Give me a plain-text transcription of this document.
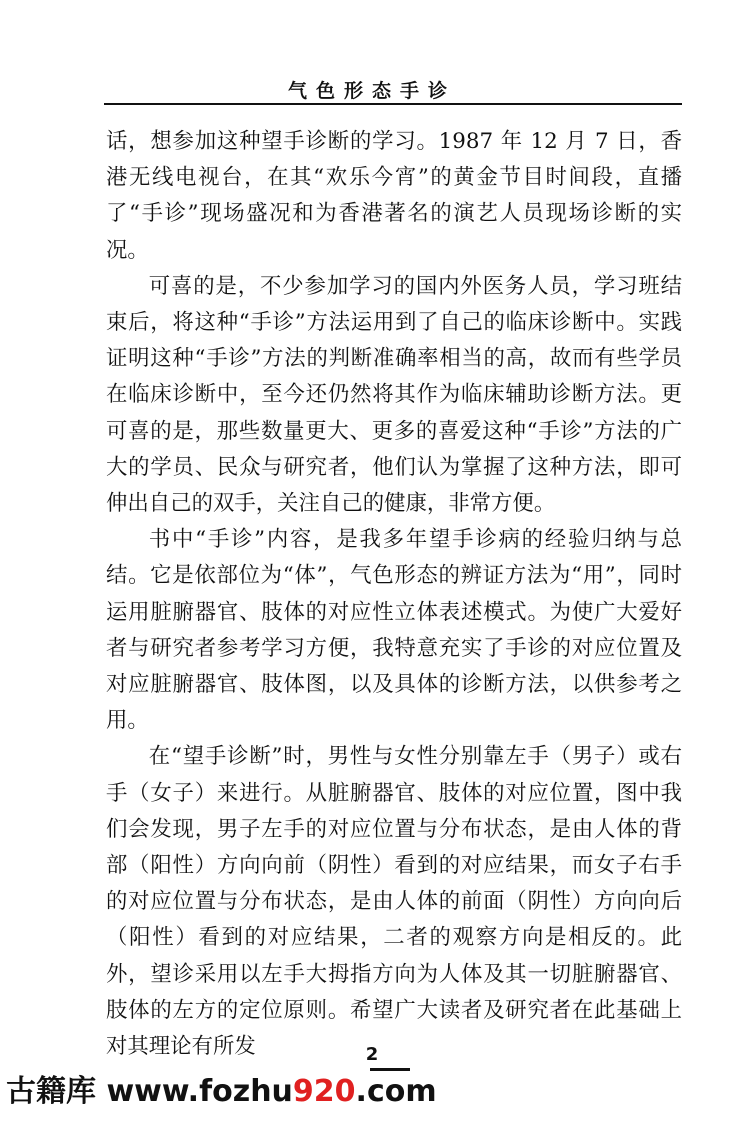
气色形态手诊

话，想参加这种望手诊断的学习。1987 年 12 月 7 日，香港无线电视台，在其“欢乐今宵”的黄金节目时间段，直播了“手诊”现场盛况和为香港著名的演艺人员现场诊断的实况。

可喜的是，不少参加学习的国内外医务人员，学习班结束后，将这种“手诊”方法运用到了自己的临床诊断中。实践证明这种“手诊”方法的判断准确率相当的高，故而有些学员在临床诊断中，至今还仍然将其作为临床辅助诊断方法。更可喜的是，那些数量更大、更多的喜爱这种“手诊”方法的广大的学员、民众与研究者，他们认为掌握了这种方法，即可伸出自己的双手，关注自己的健康，非常方便。

书中“手诊”内容，是我多年望手诊病的经验归纳与总结。它是依部位为“体”，气色形态的辨证方法为“用”，同时运用脏腑器官、肢体的对应性立体表述模式。为使广大爱好者与研究者参考学习方便，我特意充实了手诊的对应位置及对应脏腑器官、肢体图，以及具体的诊断方法，以供参考之用。

在“望手诊断”时，男性与女性分别靠左手（男子）或右手（女子）来进行。从脏腑器官、肢体的对应位置，图中我们会发现，男子左手的对应位置与分布状态，是由人体的背部（阳性）方向向前（阴性）看到的对应结果，而女子右手的对应位置与分布状态，是由人体的前面（阴性）方向向后（阳性）看到的对应结果，二者的观察方向是相反的。此外，望诊采用以左手大拇指方向为人体及其一切脏腑器官、肢体的左方的定位原则。希望广大读者及研究者在此基础上对其理论有所发	2
古籍库 www.fozhu920.com
